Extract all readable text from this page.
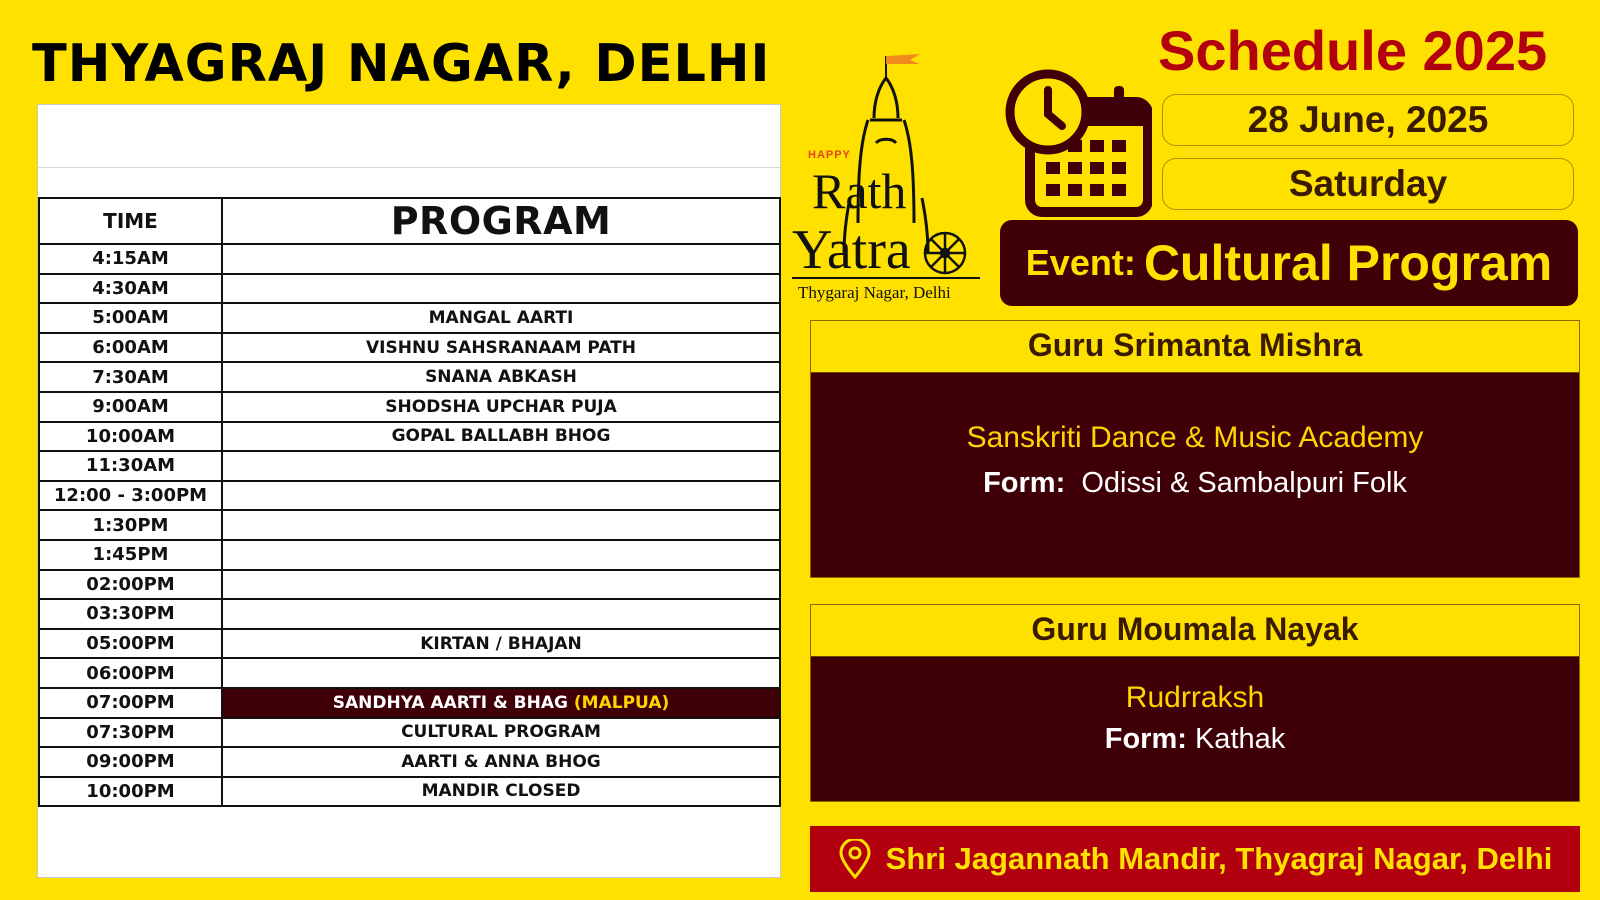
THYAGRAJ NAGAR, DELHI
TIME	PROGRAM
4:15AM	
4:30AM	
5:00AM	MANGAL AARTI
6:00AM	VISHNU SAHSRANAAM PATH
7:30AM	SNANA ABKASH
9:00AM	SHODSHA UPCHAR PUJA
10:00AM	GOPAL BALLABH BHOG
11:30AM	
12:00 - 3:00PM	
1:30PM	
1:45PM	
02:00PM	
03:30PM	
05:00PM	KIRTAN / BHAJAN
06:00PM	
07:00PM	SANDHYA AARTI & BHAG (MALPUA)
07:30PM	CULTURAL PROGRAM
09:00PM	AARTI & ANNA BHOG
10:00PM	MANDIR CLOSED
HAPPY
Rath
Yatra
Thygaraj Nagar, Delhi
Schedule 2025
28 June, 2025
Saturday
Event: Cultural Program
Guru Srimanta Mishra
Sanskriti Dance & Music Academy
Form: Odissi & Sambalpuri Folk
Guru Moumala Nayak
Rudrraksh
Form: Kathak
Shri Jagannath Mandir, Thyagraj Nagar, Delhi
